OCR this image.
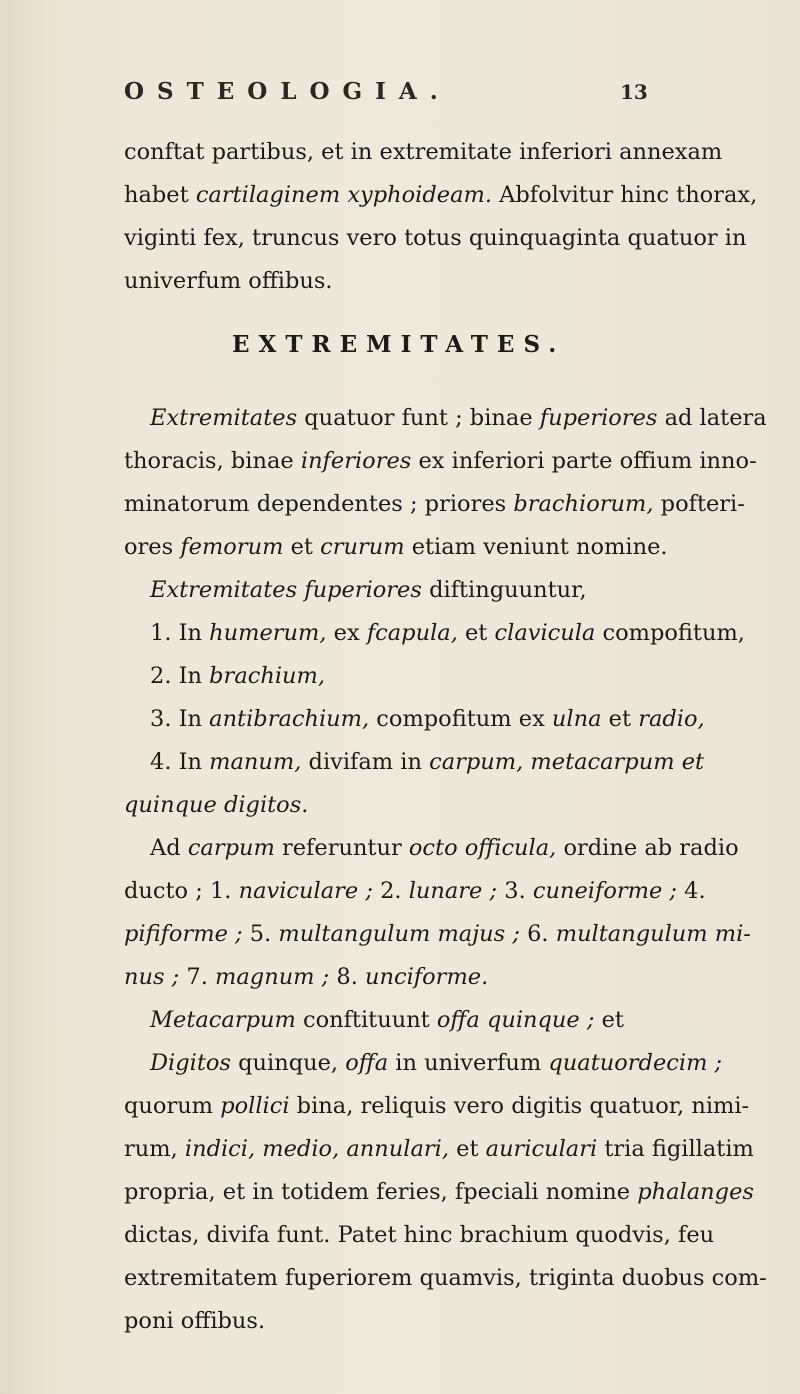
OSTEOLOGIA.	13
conftat partibus, et in extremitate inferiori annexam
habet cartilaginem xyphoideam. Abfolvitur hinc thorax,
viginti fex, truncus vero totus quinquaginta quatuor in
univerfum offibus.
EXTREMITATES.
Extremitates quatuor funt ; binae fuperiores ad latera
thoracis, binae inferiores ex inferiori parte offium inno-
minatorum dependentes ; priores brachiorum, pofteri-
ores femorum et crurum etiam veniunt nomine.
Extremitates fuperiores diftinguuntur,
1. In humerum, ex fcapula, et clavicula compofitum,
2. In brachium,
3. In antibrachium, compofitum ex ulna et radio,
4. In manum, divifam in carpum, metacarpum et
quinque digitos.
Ad carpum referuntur octo officula, ordine ab radio
ducto ; 1. naviculare ; 2. lunare ; 3. cuneiforme ; 4.
pififorme ; 5. multangulum majus ; 6. multangulum mi-
nus ; 7. magnum ; 8. unciforme.
Metacarpum conftituunt offa quinque ; et
Digitos quinque, offa in univerfum quatuordecim ;
quorum pollici bina, reliquis vero digitis quatuor, nimi-
rum, indici, medio, annulari, et auriculari tria figillatim
propria, et in totidem feries, fpeciali nomine phalanges
dictas, divifa funt. Patet hinc brachium quodvis, feu
extremitatem fuperiorem quamvis, triginta duobus com-
poni offibus.
